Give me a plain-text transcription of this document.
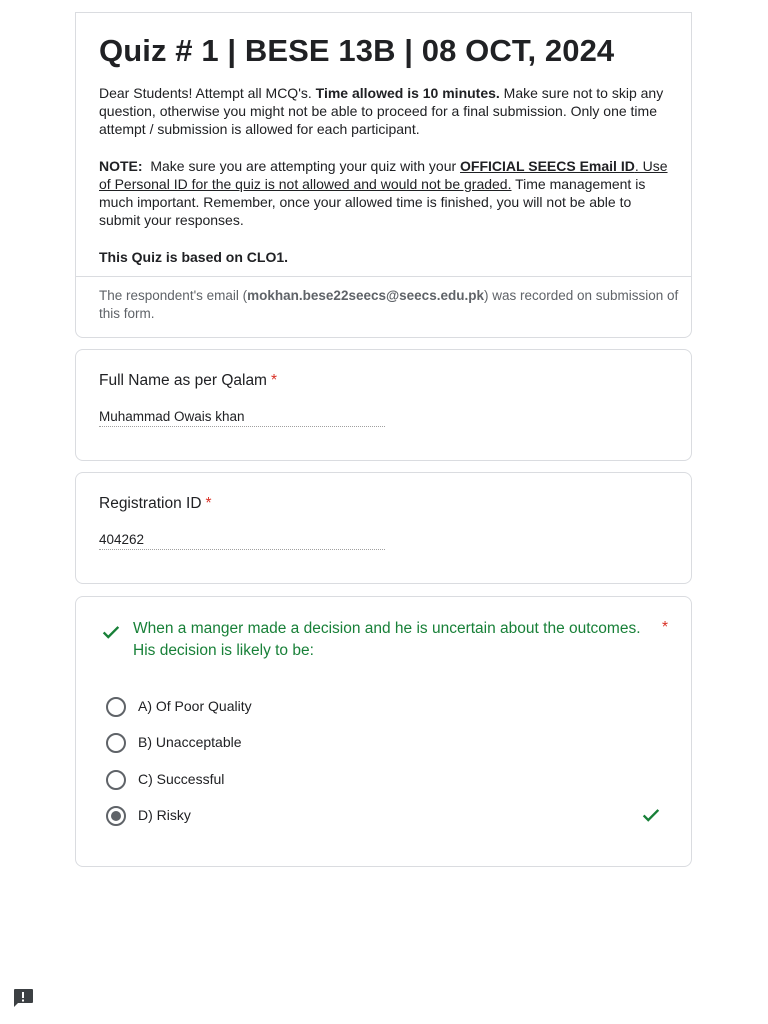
Quiz # 1 | BESE 13B | 08 OCT, 2024

Dear Students! Attempt all MCQ's. Time allowed is 10 minutes. Make sure not to skip any question, otherwise you might not be able to proceed for a final submission. Only one time attempt / submission is allowed for each participant.

NOTE:  Make sure you are attempting your quiz with your OFFICIAL SEECS Email ID. Use of Personal ID for the quiz is not allowed and would not be graded. Time management is much important. Remember, once your allowed time is finished, you will not be able to submit your responses.

This Quiz is based on CLO1.

The respondent's email (mokhan.bese22seecs@seecs.edu.pk) was recorded on submission of this form.

Full Name as per Qalam *
Muhammad Owais khan
Registration ID *
404262
When a manger made a decision and he is uncertain about the outcomes. His decision is likely to be:
*
A) Of Poor Quality
B) Unacceptable
C) Successful
D) Risky
